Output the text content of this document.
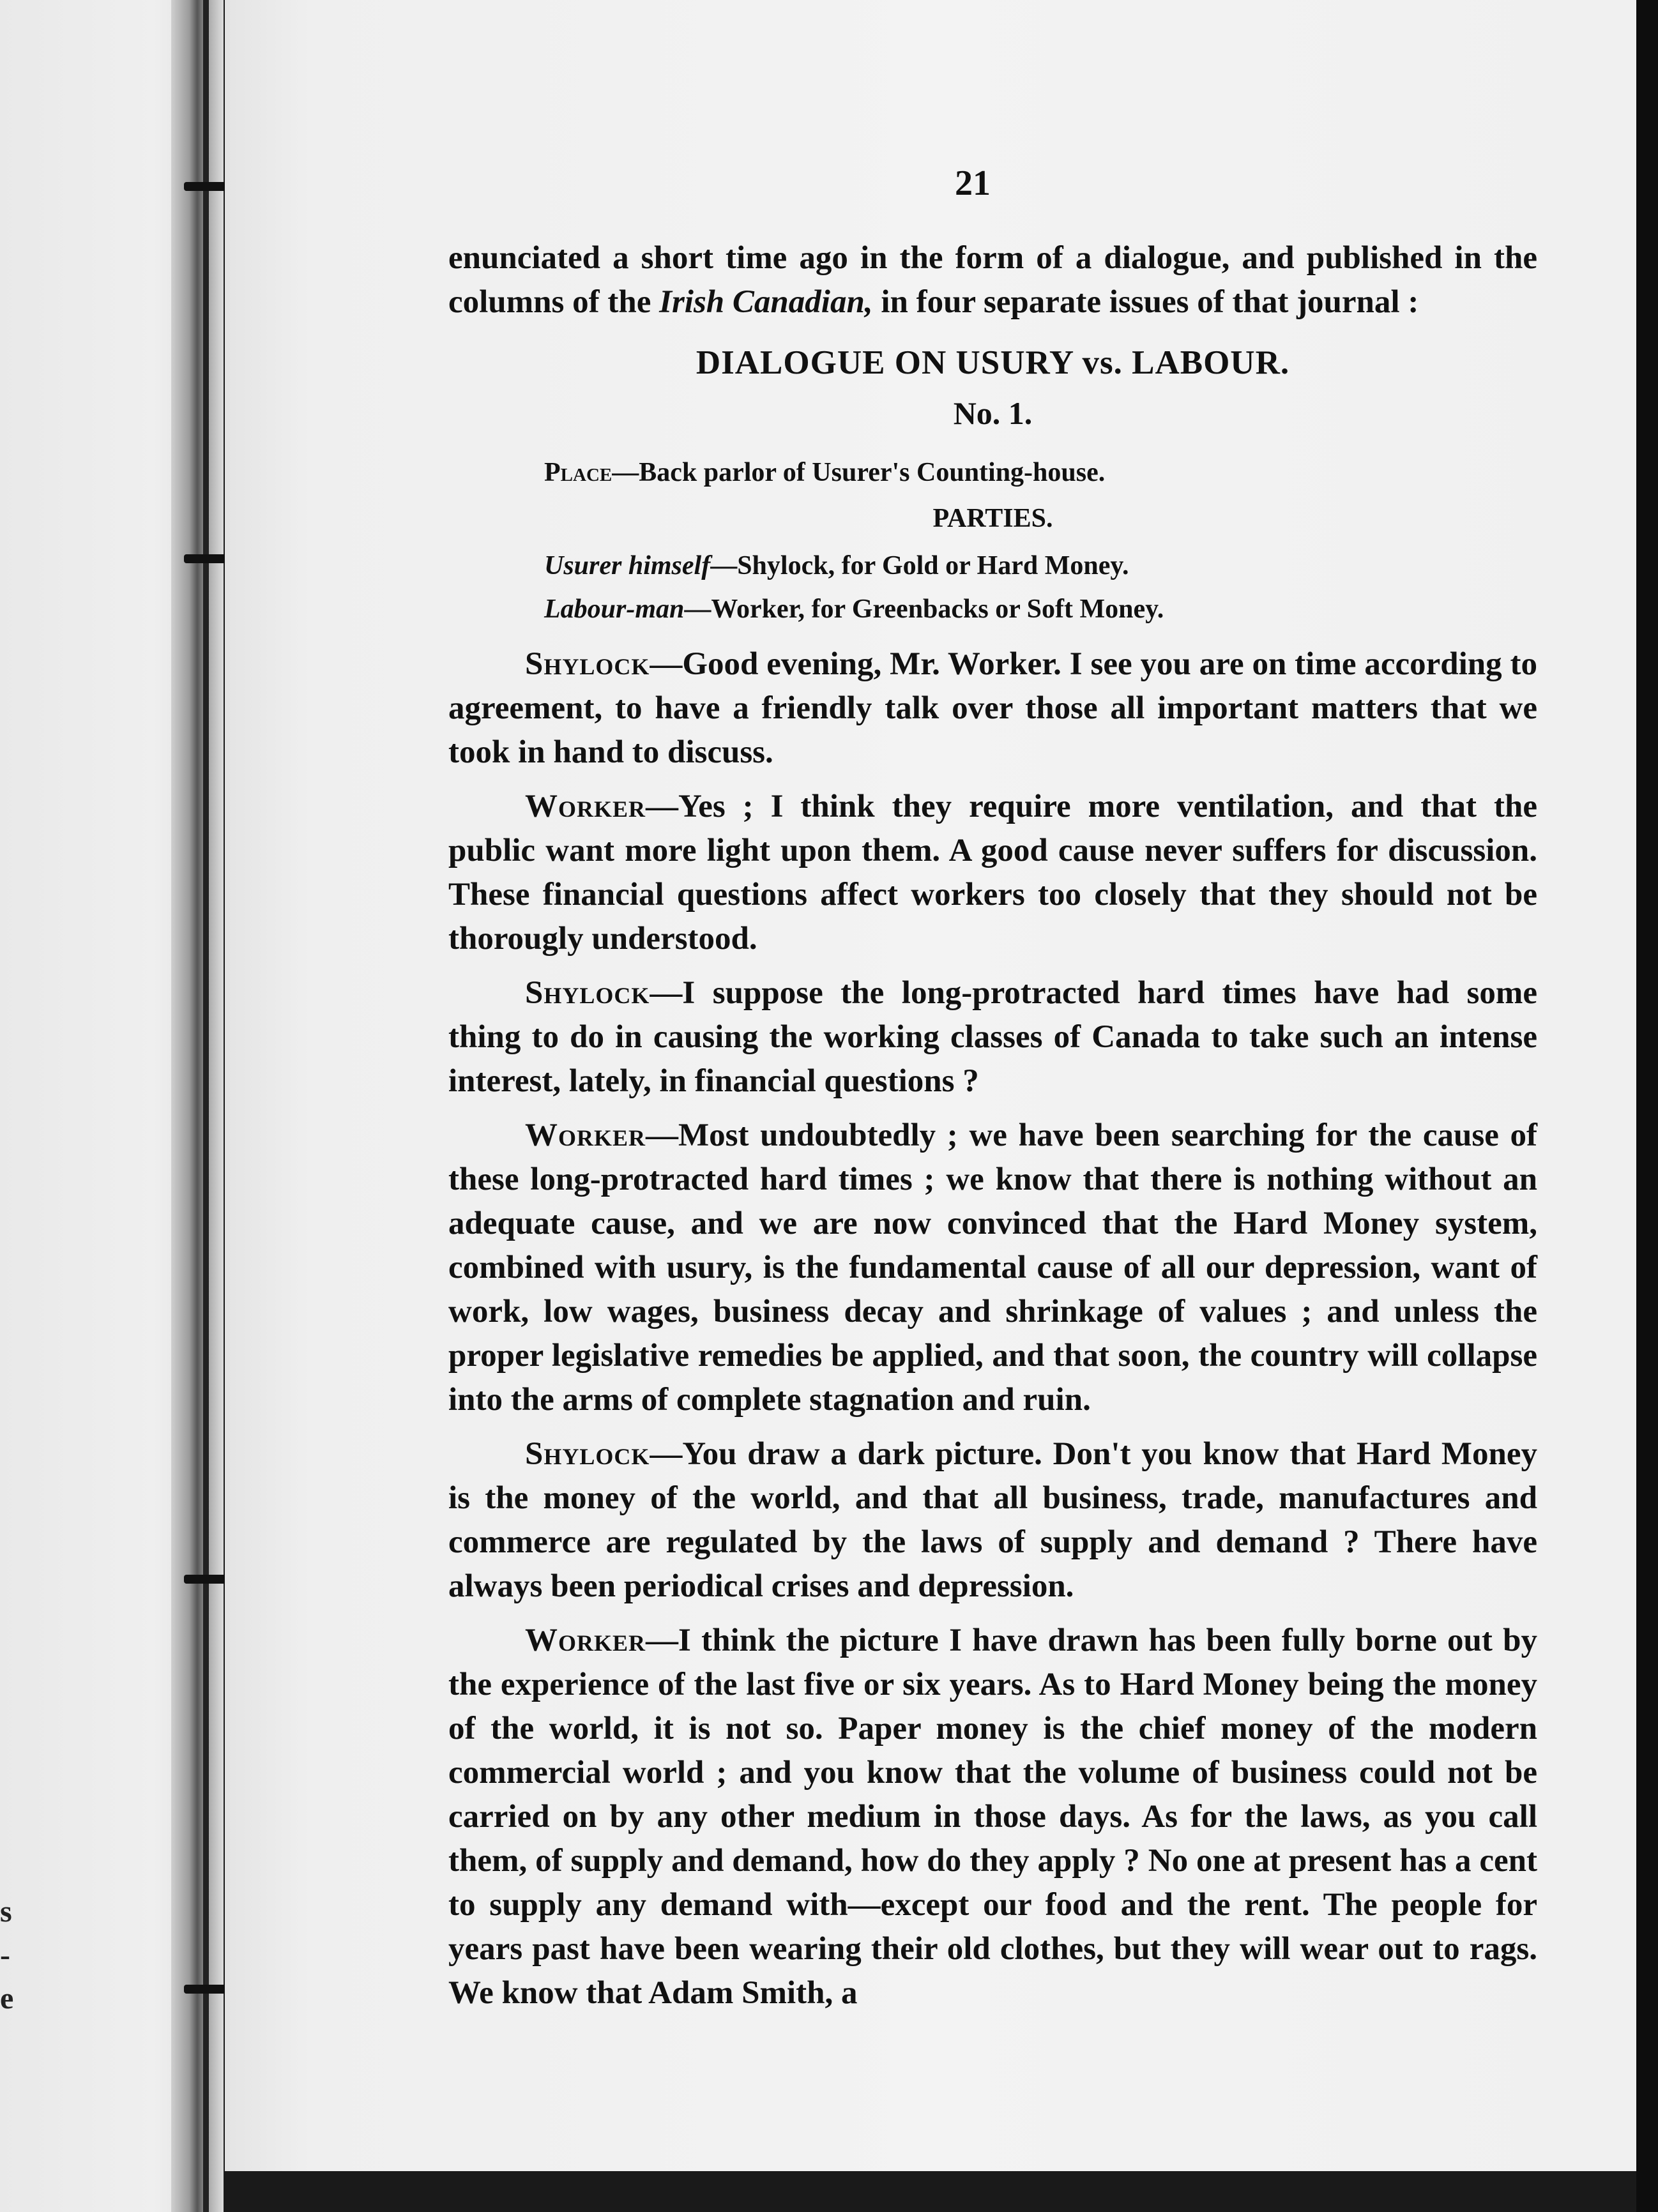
s
-
e
21

enunciated a short time ago in the form of a dialogue, and published in the columns of the Irish Canadian, in four separate issues of that journal :

DIALOGUE ON USURY vs. LABOUR.
No. 1.
Place—Back parlor of Usurer's Counting-house.
PARTIES.
Usurer himself—Shylock, for Gold or Hard Money.
Labour-man—Worker, for Greenbacks or Soft Money.

Shylock—Good evening, Mr. Worker. I see you are on time according to agreement, to have a friendly talk over those all important matters that we took in hand to discuss.

Worker—Yes ; I think they require more ventilation, and that the public want more light upon them. A good cause never suffers for discussion. These financial questions affect workers too closely that they should not be thorougly understood.

Shylock—I suppose the long-protracted hard times have had some thing to do in causing the working classes of Canada to take such an intense interest, lately, in financial questions ?

Worker—Most undoubtedly ; we have been searching for the cause of these long-protracted hard times ; we know that there is nothing without an adequate cause, and we are now convinced that the Hard Money system, combined with usury, is the fundamental cause of all our depression, want of work, low wages, business decay and shrinkage of values ; and unless the proper legislative remedies be applied, and that soon, the country will collapse into the arms of complete stagnation and ruin.

Shylock—You draw a dark picture. Don't you know that Hard Money is the money of the world, and that all business, trade, manufactures and commerce are regulated by the laws of supply and demand ? There have always been periodical crises and depression.

Worker—I think the picture I have drawn has been fully borne out by the experience of the last five or six years. As to Hard Money being the money of the world, it is not so. Paper money is the chief money of the modern commercial world ; and you know that the volume of business could not be carried on by any other medium in those days. As for the laws, as you call them, of supply and demand, how do they apply ? No one at present has a cent to supply any demand with—except our food and the rent. The people for years past have been wearing their old clothes, but they will wear out to rags. We know that Adam Smith, a
